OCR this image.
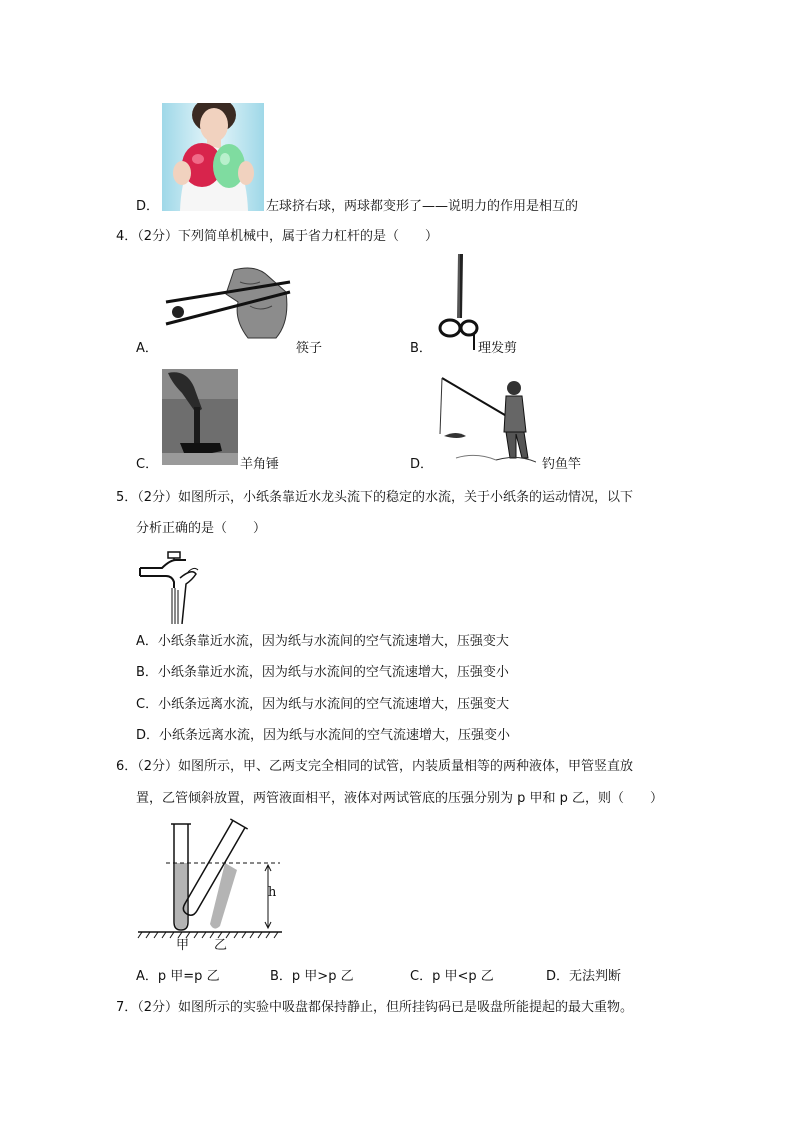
D．	左球挤右球，两球都变形了——说明力的作用是相互的
4．（2分）下列简单机械中，属于省力杠杆的是（　　）
A．	筷子	B．	理发剪
C．	羊角锤	D．	钓鱼竿
5．（2分）如图所示，小纸条靠近水龙头流下的稳定的水流，关于小纸条的运动情况，以下
分析正确的是（　　）
A．小纸条靠近水流，因为纸与水流间的空气流速增大，压强变大
B．小纸条靠近水流，因为纸与水流间的空气流速增大，压强变小
C．小纸条远离水流，因为纸与水流间的空气流速增大，压强变大
D．小纸条远离水流，因为纸与水流间的空气流速增大，压强变小
6．（2分）如图所示，甲、乙两支完全相同的试管，内装质量相等的两种液体，甲管竖直放
置，乙管倾斜放置，两管液面相平，液体对两试管底的压强分别为 p 甲和 p 乙，则（　　）
h
甲 乙
A．p 甲=p 乙	B．p 甲>p 乙	C．p 甲<p 乙	D．无法判断
7．（2分）如图所示的实验中吸盘都保持静止，但所挂钩码已是吸盘所能提起的最大重物。
